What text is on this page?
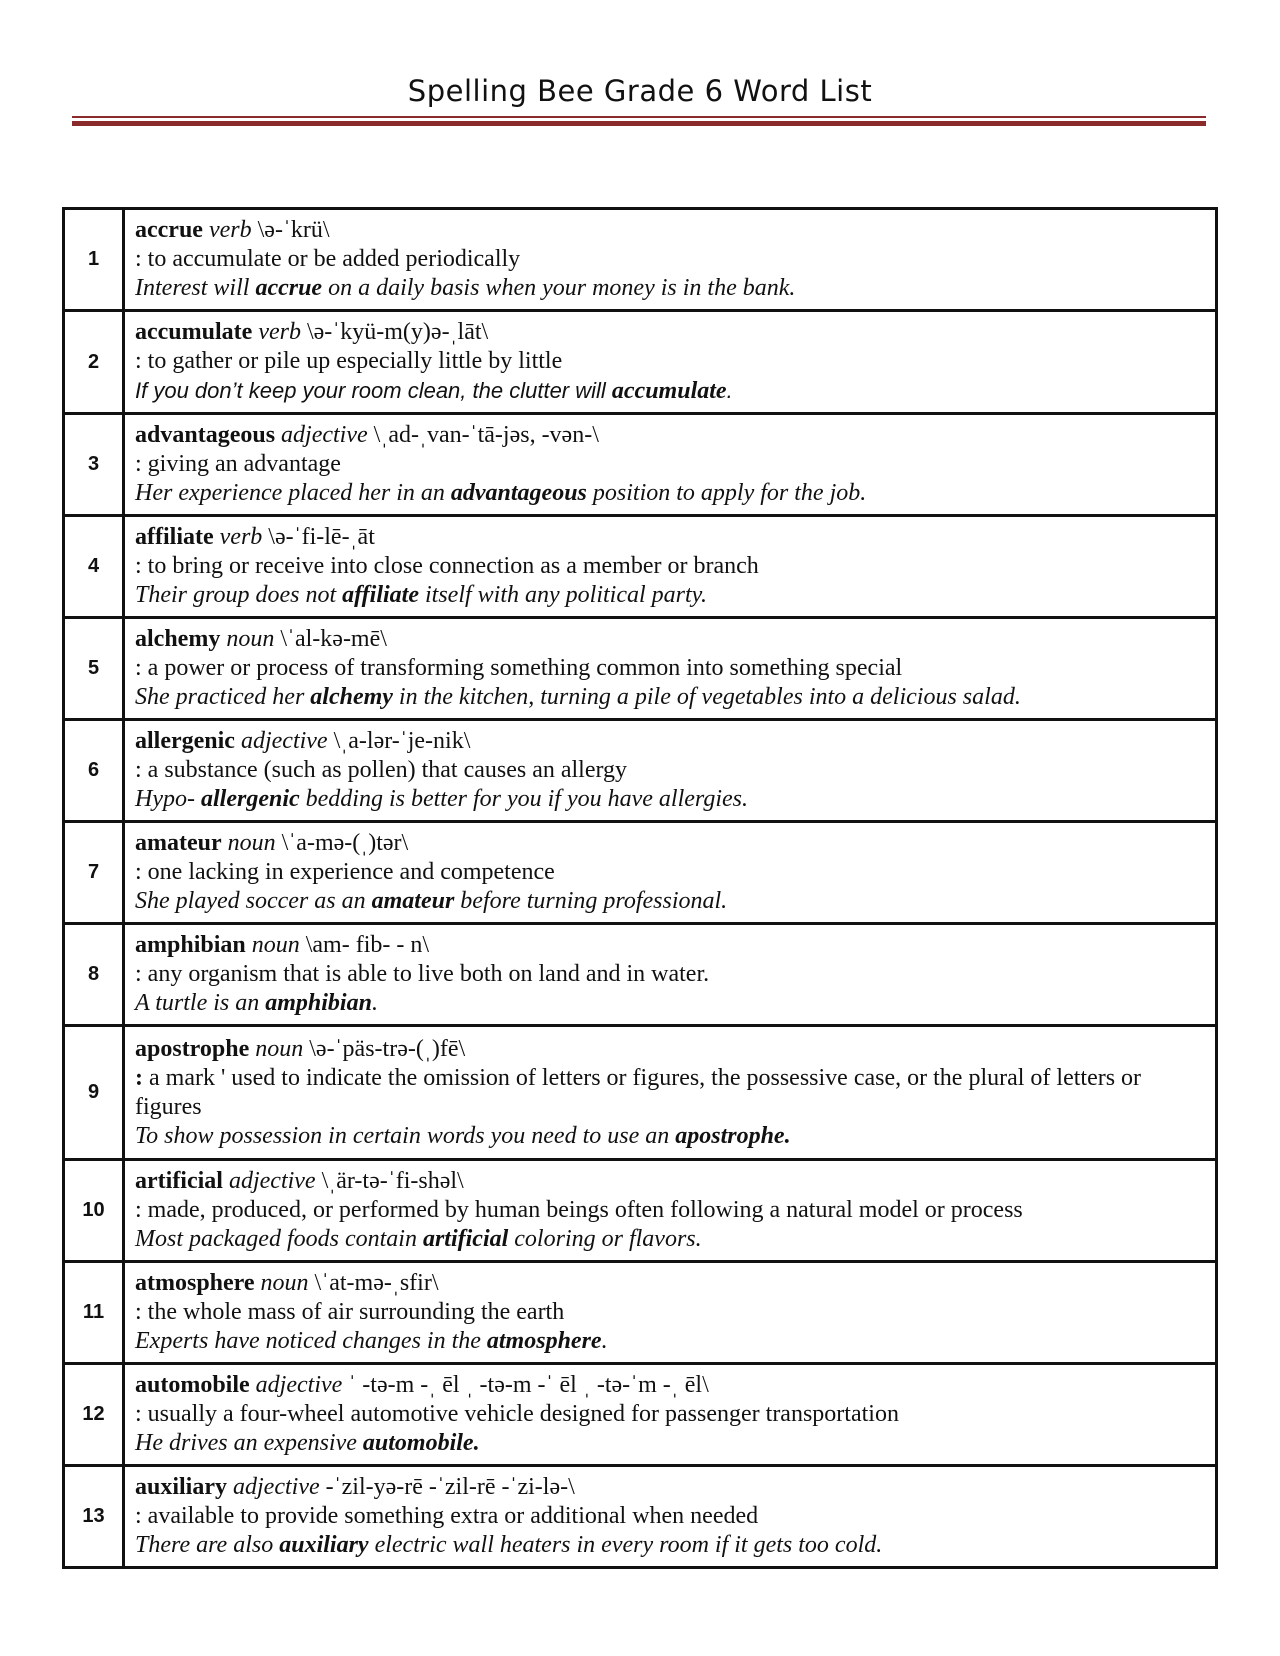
Spelling Bee Grade 6 Word List
1	accrue verb \ə-ˈkrü\
: to accumulate or be added periodically
Interest will accrue on a daily basis when your money is in the bank.

2	accumulate verb \ə-ˈkyü-m(y)ə-ˌlāt\
: to gather or pile up especially little by little
If you don’t keep your room clean, the clutter will accumulate.

3	advantageous adjective \ˌad-ˌvan-ˈtā-jəs, -vən-\
: giving an advantage
Her experience placed her in an advantageous position to apply for the job.

4	affiliate verb \ə-ˈfi-lē-ˌāt
: to bring or receive into close connection as a member or branch
Their group does not affiliate itself with any political party.

5	alchemy noun \ˈal-kə-mē\
: a power or process of transforming something common into something special
She practiced her alchemy in the kitchen, turning a pile of vegetables into a delicious salad.

6	allergenic adjective \ˌa-lər-ˈje-nik\
: a substance (such as pollen) that causes an allergy
Hypo- allergenic bedding is better for you if you have allergies.

7	amateur noun \ˈa-mə-(ˌ)tər\
: one lacking in experience and competence
She played soccer as an amateur before turning professional.

8	amphibian noun \am- fib- - n\
: any organism that is able to live both on land and in water.
A turtle is an amphibian.

9	apostrophe noun \ə-ˈpäs-trə-(ˌ)fē\
: a mark ' used to indicate the omission of letters or figures, the possessive case, or the plural of letters or figures
To show possession in certain words you need to use an apostrophe.

10	artificial adjective \ˌär-tə-ˈfi-shəl\
: made, produced, or performed by human beings often following a natural model or process
Most packaged foods contain artificial coloring or flavors.

11	atmosphere noun \ˈat-mə-ˌsfir\
: the whole mass of air surrounding the earth
Experts have noticed changes in the atmosphere.

12	automobile adjective ˈ -tə-m -ˌ ēl ˌ -tə-m -ˈ ēl ˌ -tə-ˈm -ˌ ēl\
: usually a four-wheel automotive vehicle designed for passenger transportation
He drives an expensive automobile.

13	auxiliary adjective -ˈzil-yə-rē -ˈzil-rē -ˈzi-lə-\
: available to provide something extra or additional when needed
There are also auxiliary electric wall heaters in every room if it gets too cold.
